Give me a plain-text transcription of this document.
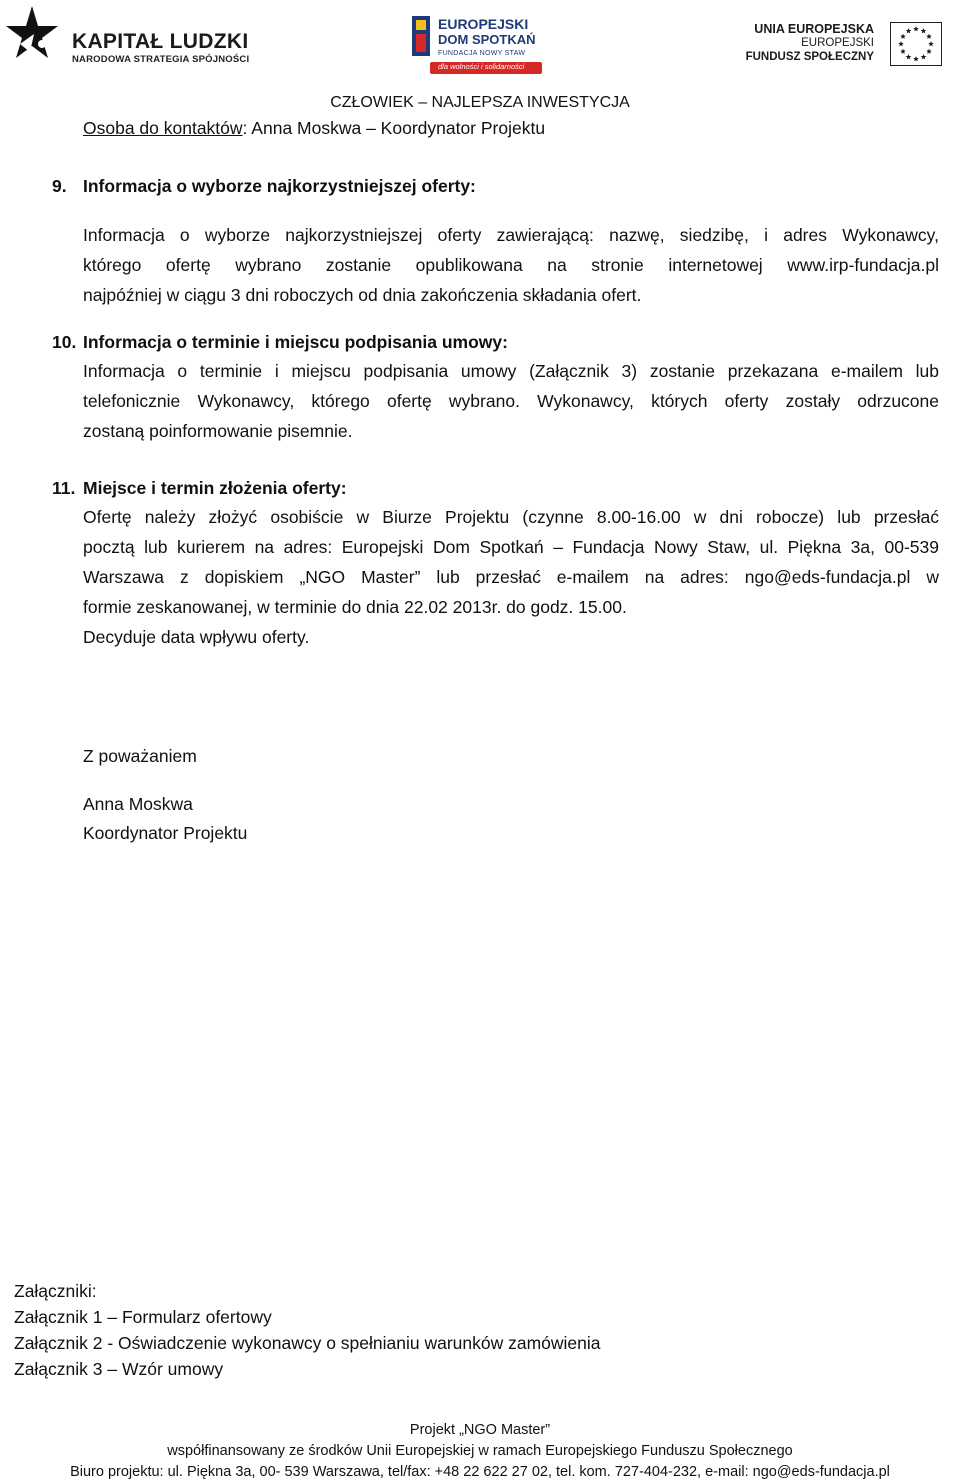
KAPITAŁ LUDZKI
NARODOWA STRATEGIA SPÓJNOŚCI
EUROPEJSKI
DOM SPOTKAŃ
FUNDACJA NOWY STAW
dla wolności i solidarności
UNIA EUROPEJSKA
EUROPEJSKI
FUNDUSZ SPOŁECZNY
CZŁOWIEK – NAJLEPSZA INWESTYCJA
Osoba do kontaktów: Anna Moskwa – Koordynator Projektu
9. Informacja o wyborze najkorzystniejszej oferty:
Informacja o wyborze najkorzystniejszej oferty zawierającą: nazwę, siedzibę, i adres Wykonawcy,
którego ofertę wybrano zostanie opublikowana na stronie internetowej www.irp-fundacja.pl
najpóźniej w ciągu 3 dni roboczych od dnia zakończenia składania ofert.
10. Informacja o terminie i miejscu podpisania umowy:
Informacja o terminie i miejscu podpisania umowy (Załącznik 3) zostanie przekazana e-mailem lub
telefonicznie Wykonawcy, którego ofertę wybrano. Wykonawcy, których oferty zostały odrzucone
zostaną poinformowanie pisemnie.
11. Miejsce i termin złożenia oferty:
Ofertę należy złożyć osobiście w Biurze Projektu (czynne 8.00-16.00 w dni robocze) lub przesłać
pocztą lub kurierem na adres: Europejski Dom Spotkań – Fundacja Nowy Staw, ul. Piękna 3a, 00-539
Warszawa z dopiskiem „NGO Master” lub przesłać e-mailem na adres: ngo@eds-fundacja.pl w
formie zeskanowanej, w terminie do dnia 22.02 2013r. do godz. 15.00.
Decyduje data wpływu oferty.
Z poważaniem
Anna Moskwa
Koordynator Projektu
Załączniki:
Załącznik 1 – Formularz ofertowy
Załącznik 2 - Oświadczenie wykonawcy o spełnianiu warunków zamówienia
Załącznik 3 – Wzór umowy
Projekt „NGO Master”
współfinansowany ze środków Unii Europejskiej w ramach Europejskiego Funduszu Społecznego
Biuro projektu: ul. Piękna 3a, 00- 539 Warszawa, tel/fax: +48 22 622 27 02, tel. kom. 727-404-232, e-mail: ngo@eds-fundacja.pl
